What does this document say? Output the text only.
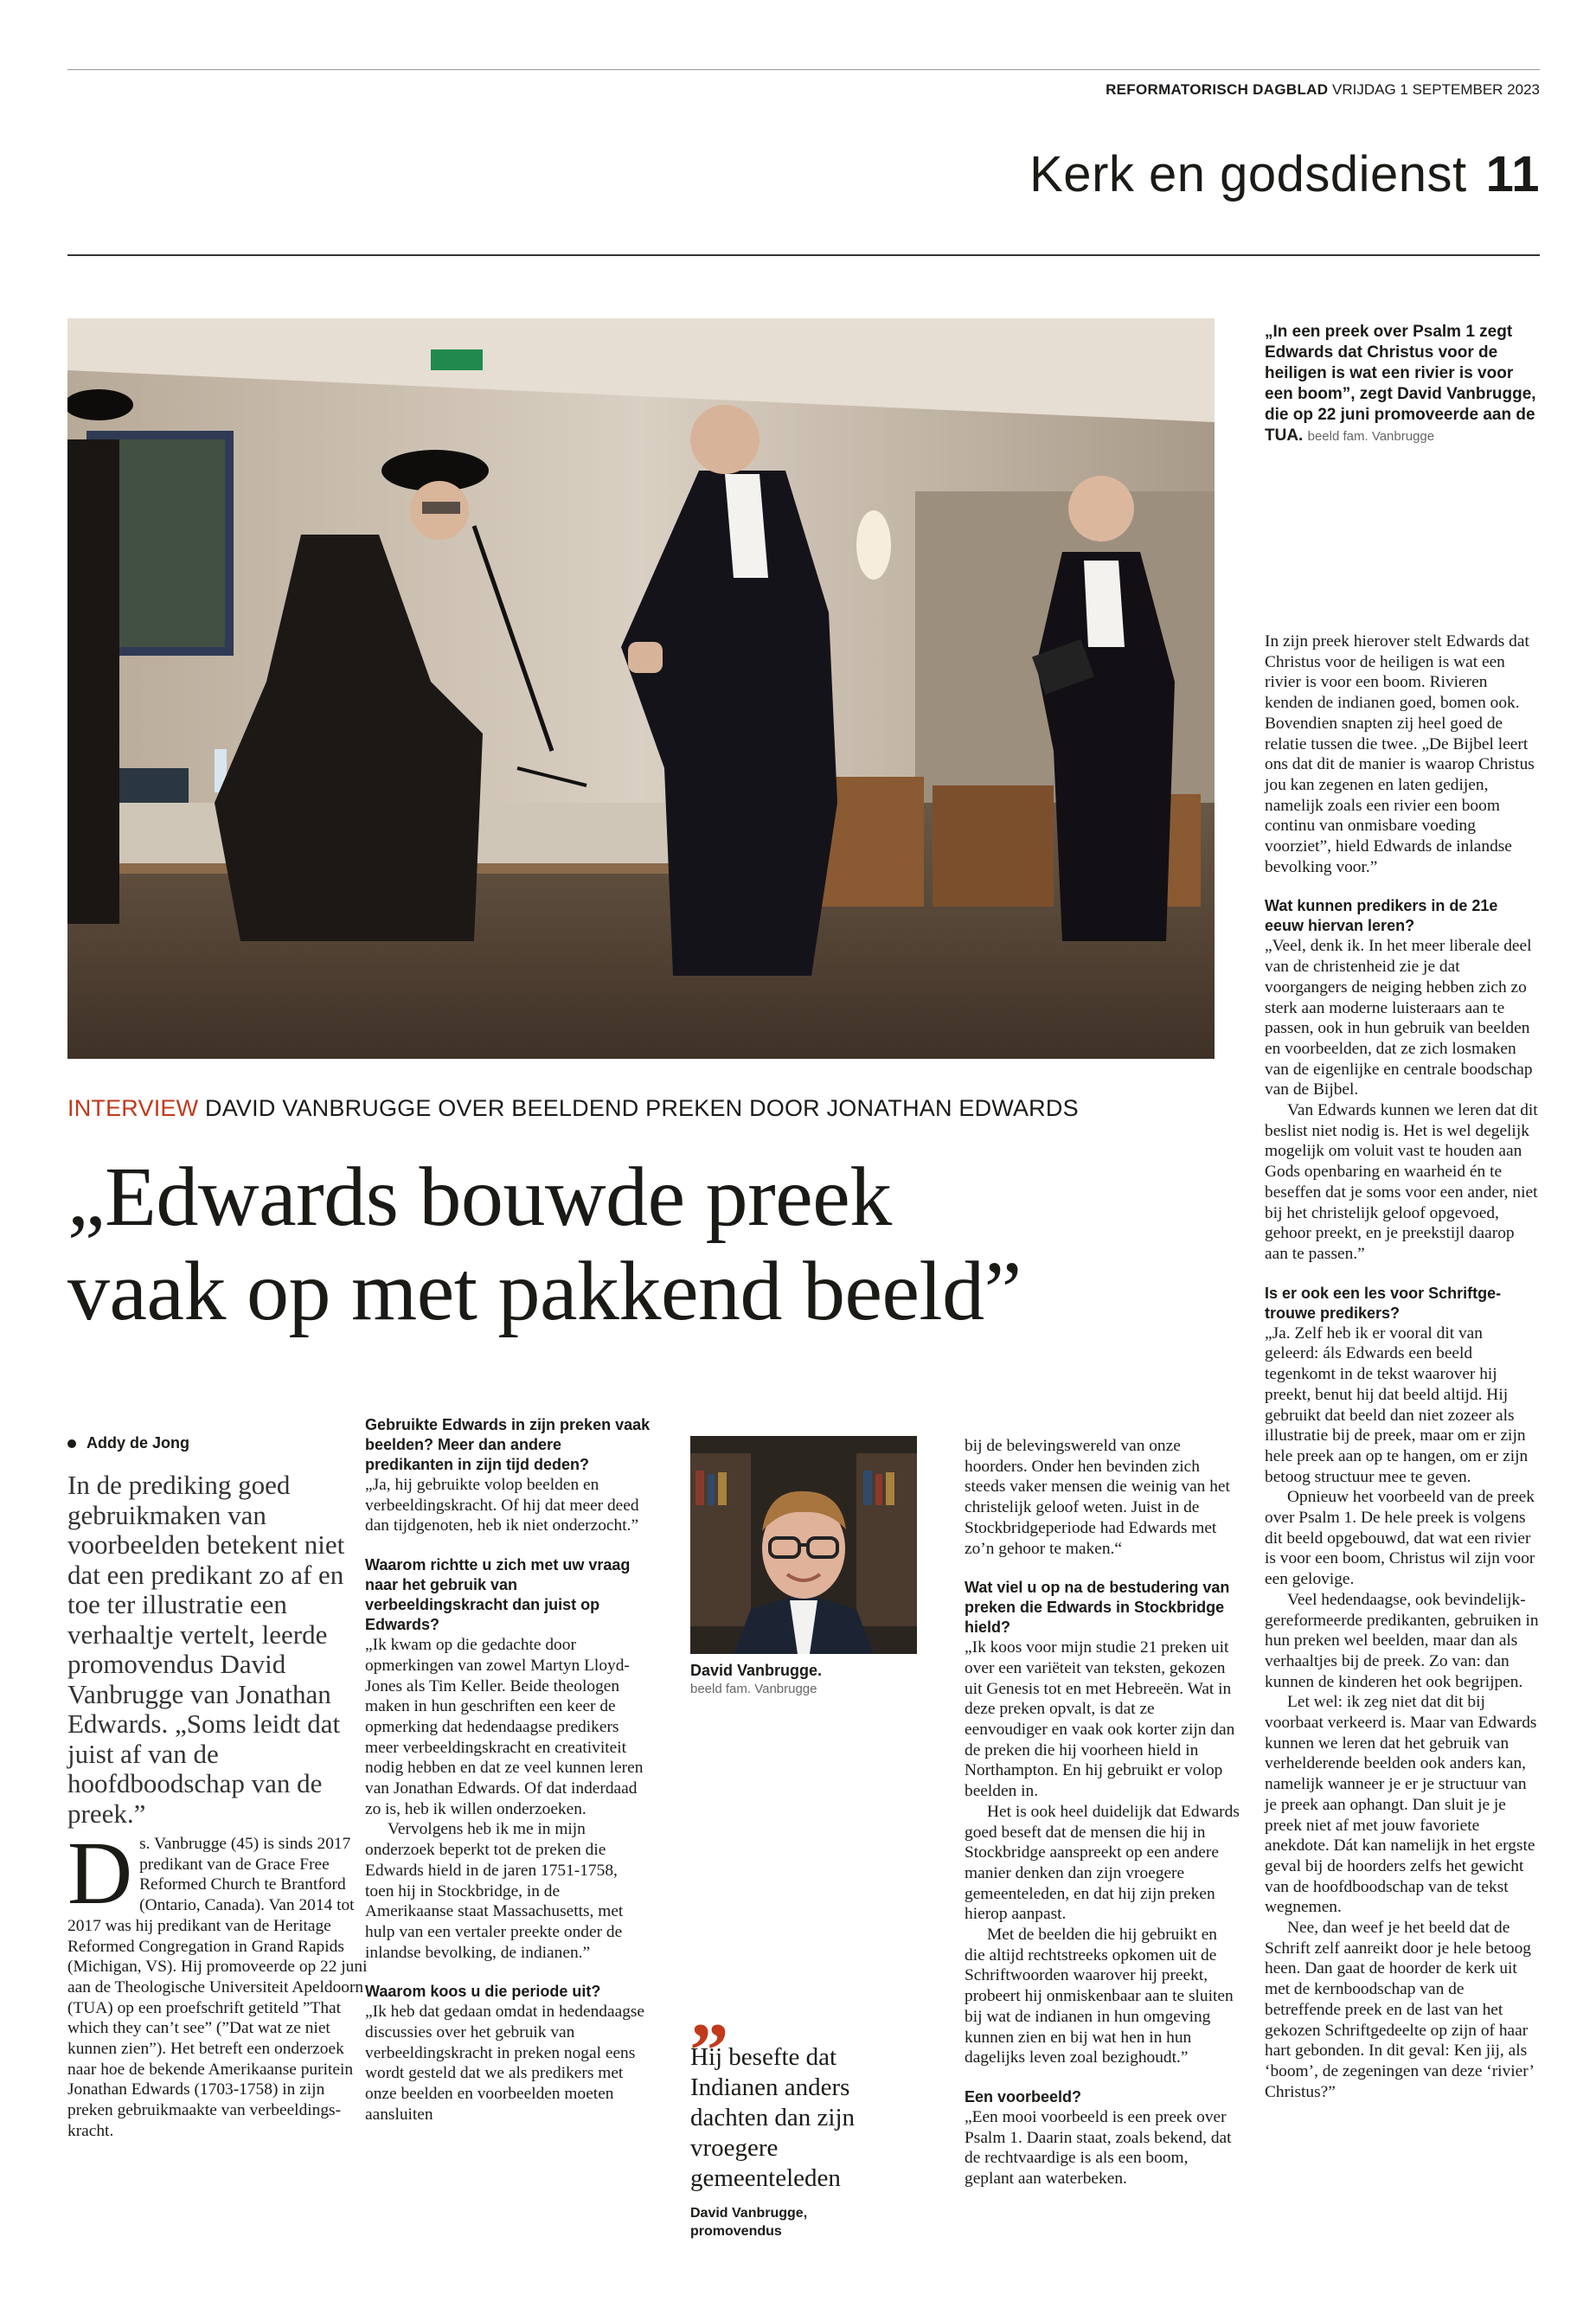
REFORMATORISCH DAGBLAD VRIJDAG 1 SEPTEMBER 2023
Kerk en godsdienst 11
„In een preek over Psalm 1 zegt Edwards dat Christus voor de heiligen is wat een rivier is voor een boom”, zegt David Vanbrugge, die op 22 juni promoveerde aan de TUA. beeld fam. Vanbrugge

In zijn preek hierover stelt Edwards dat Christus voor de heiligen is wat een rivier is voor een boom. Rivieren kenden de indianen goed, bomen ook. Bovendien snapten zij heel goed de relatie tussen die twee. „De Bijbel leert ons dat dit de manier is waarop Christus jou kan zegenen en laten gedijen, namelijk zoals een rivier een boom continu van onmisbare voeding voorziet”, hield Edwards de inlandse bevolking voor.”

Wat kunnen predikers in de 21e eeuw hiervan leren?

„Veel, denk ik. In het meer liberale deel van de christenheid zie je dat voorgangers de neiging hebben zich zo sterk aan moderne luisteraars aan te passen, ook in hun gebruik van beelden en voorbeelden, dat ze zich losmaken van de eigenlijke en centrale boodschap van de Bijbel.

Van Edwards kunnen we leren dat dit beslist niet nodig is. Het is wel degelijk mogelijk om voluit vast te houden aan Gods openbaring en waarheid én te beseffen dat je soms voor een ander, niet bij het christelijk geloof opgevoed, gehoor preekt, en je preekstijl daarop aan te passen.”

Is er ook een les voor Schriftgetrouwe predikers?

„Ja. Zelf heb ik er vooral dit van geleerd: áls Edwards een beeld tegenkomt in de tekst waarover hij preekt, benut hij dat beeld altijd. Hij gebruikt dat beeld dan niet zozeer als illustratie bij de preek, maar om er zijn hele preek aan op te hangen, om er zijn betoog structuur mee te geven.

Opnieuw het voorbeeld van de preek over Psalm 1. De hele preek is volgens dit beeld opgebouwd, dat wat een rivier is voor een boom, Christus wil zijn voor een gelovige.

Veel hedendaagse, ook bevindelijk-gereformeerde predikanten, gebruiken in hun preken wel beelden, maar dan als verhaaltjes bij de preek. Zo van: dan kunnen de kinderen het ook begrijpen.

Let wel: ik zeg niet dat dit bij voorbaat verkeerd is. Maar van Edwards kunnen we leren dat het gebruik van verhelderende beelden ook anders kan, namelijk wanneer je er je structuur van je preek aan ophangt. Dan sluit je je preek niet af met jouw favoriete anekdote. Dát kan namelijk in het ergste geval bij de hoorders zelfs het gewicht van de hoofdboodschap van de tekst wegnemen.

Nee, dan weef je het beeld dat de Schrift zelf aanreikt door je hele betoog heen. Dan gaat de hoorder de kerk uit met de kernboodschap van de betreffende preek en de last van het gekozen Schriftgedeelte op zijn of haar hart gebonden. In dit geval: Ken jij, als ‘boom’, de zegeningen van deze ‘rivier’ Christus?”

INTERVIEW DAVID VANBRUGGE OVER BEELDEND PREKEN DOOR JONATHAN EDWARDS
„Edwards bouwde preek
vaak op met pakkend beeld”
Addy de Jong
In de prediking goed gebruikmaken van voorbeelden betekent niet dat een predikant zo af en toe ter illustratie een verhaaltje vertelt, leerde promovendus David Vanbrugge van Jonathan Edwards. „Soms leidt dat juist af van de hoofdboodschap van de preek.”

Ds. Vanbrugge (45) is sinds 2017 predikant van de Grace Free Reformed Church te Brantford (Ontario, Canada). Van 2014 tot 2017 was hij predikant van de Heritage Reformed Congregation in Grand Rapids (Michigan, VS). Hij promoveerde op 22 juni aan de Theologische Universiteit Apeldoorn (TUA) op een proefschrift getiteld ”That which they can’t see” (”Dat wat ze niet kunnen zien”). Het betreft een onderzoek naar hoe de bekende Amerikaanse puritein Jonathan Edwards (1703-1758) in zijn preken gebruikmaakte van verbeeldingskracht.

Gebruikte Edwards in zijn preken vaak beelden? Meer dan andere predikanten in zijn tijd deden?

„Ja, hij gebruikte volop beelden en verbeeldingskracht. Of hij dat meer deed dan tijdgenoten, heb ik niet onderzocht.”

Waarom richtte u zich met uw vraag naar het gebruik van verbeeldingskracht dan juist op Edwards?

„Ik kwam op die gedachte door opmerkingen van zowel Martyn Lloyd-Jones als Tim Keller. Beide theologen maken in hun geschriften een keer de opmerking dat hedendaagse predikers meer verbeeldingskracht en creativiteit nodig hebben en dat ze veel kunnen leren van Jonathan Edwards. Of dat inderdaad zo is, heb ik willen onderzoeken.

Vervolgens heb ik me in mijn onderzoek beperkt tot de preken die Edwards hield in de jaren 1751-1758, toen hij in Stockbridge, in de Amerikaanse staat Massachusetts, met hulp van een vertaler preekte onder de inlandse bevolking, de indianen.”

Waarom koos u die periode uit?

„Ik heb dat gedaan omdat in hedendaagse discussies over het gebruik van verbeeldingskracht in preken nogal eens wordt gesteld dat we als predikers met onze beelden en voorbeelden moeten aansluiten

David Vanbrugge.
beeld fam. Vanbrugge
„
Hij besefte dat Indianen anders dachten dan zijn vroegere gemeenteleden
David Vanbrugge,
promovendus

bij de belevingswereld van onze hoorders. Onder hen bevinden zich steeds vaker mensen die weinig van het christelijk geloof weten. Juist in de Stockbridgeperiode had Edwards met zo’n gehoor te maken.“

Wat viel u op na de bestudering van preken die Edwards in Stockbridge hield?

„Ik koos voor mijn studie 21 preken uit over een variëteit van teksten, gekozen uit Genesis tot en met Hebreeën. Wat in deze preken opvalt, is dat ze eenvoudiger en vaak ook korter zijn dan de preken die hij voorheen hield in Northampton. En hij gebruikt er volop beelden in.

Het is ook heel duidelijk dat Edwards goed beseft dat de mensen die hij in Stockbridge aanspreekt op een andere manier denken dan zijn vroegere gemeenteleden, en dat hij zijn preken hierop aanpast.

Met de beelden die hij gebruikt en die altijd rechtstreeks opkomen uit de Schriftwoorden waarover hij preekt, probeert hij onmiskenbaar aan te sluiten bij wat de indianen in hun omgeving kunnen zien en bij wat hen in hun dagelijks leven zoal bezighoudt.”

Een voorbeeld?

„Een mooi voorbeeld is een preek over Psalm 1. Daarin staat, zoals bekend, dat de rechtvaardige is als een boom, geplant aan waterbeken.
